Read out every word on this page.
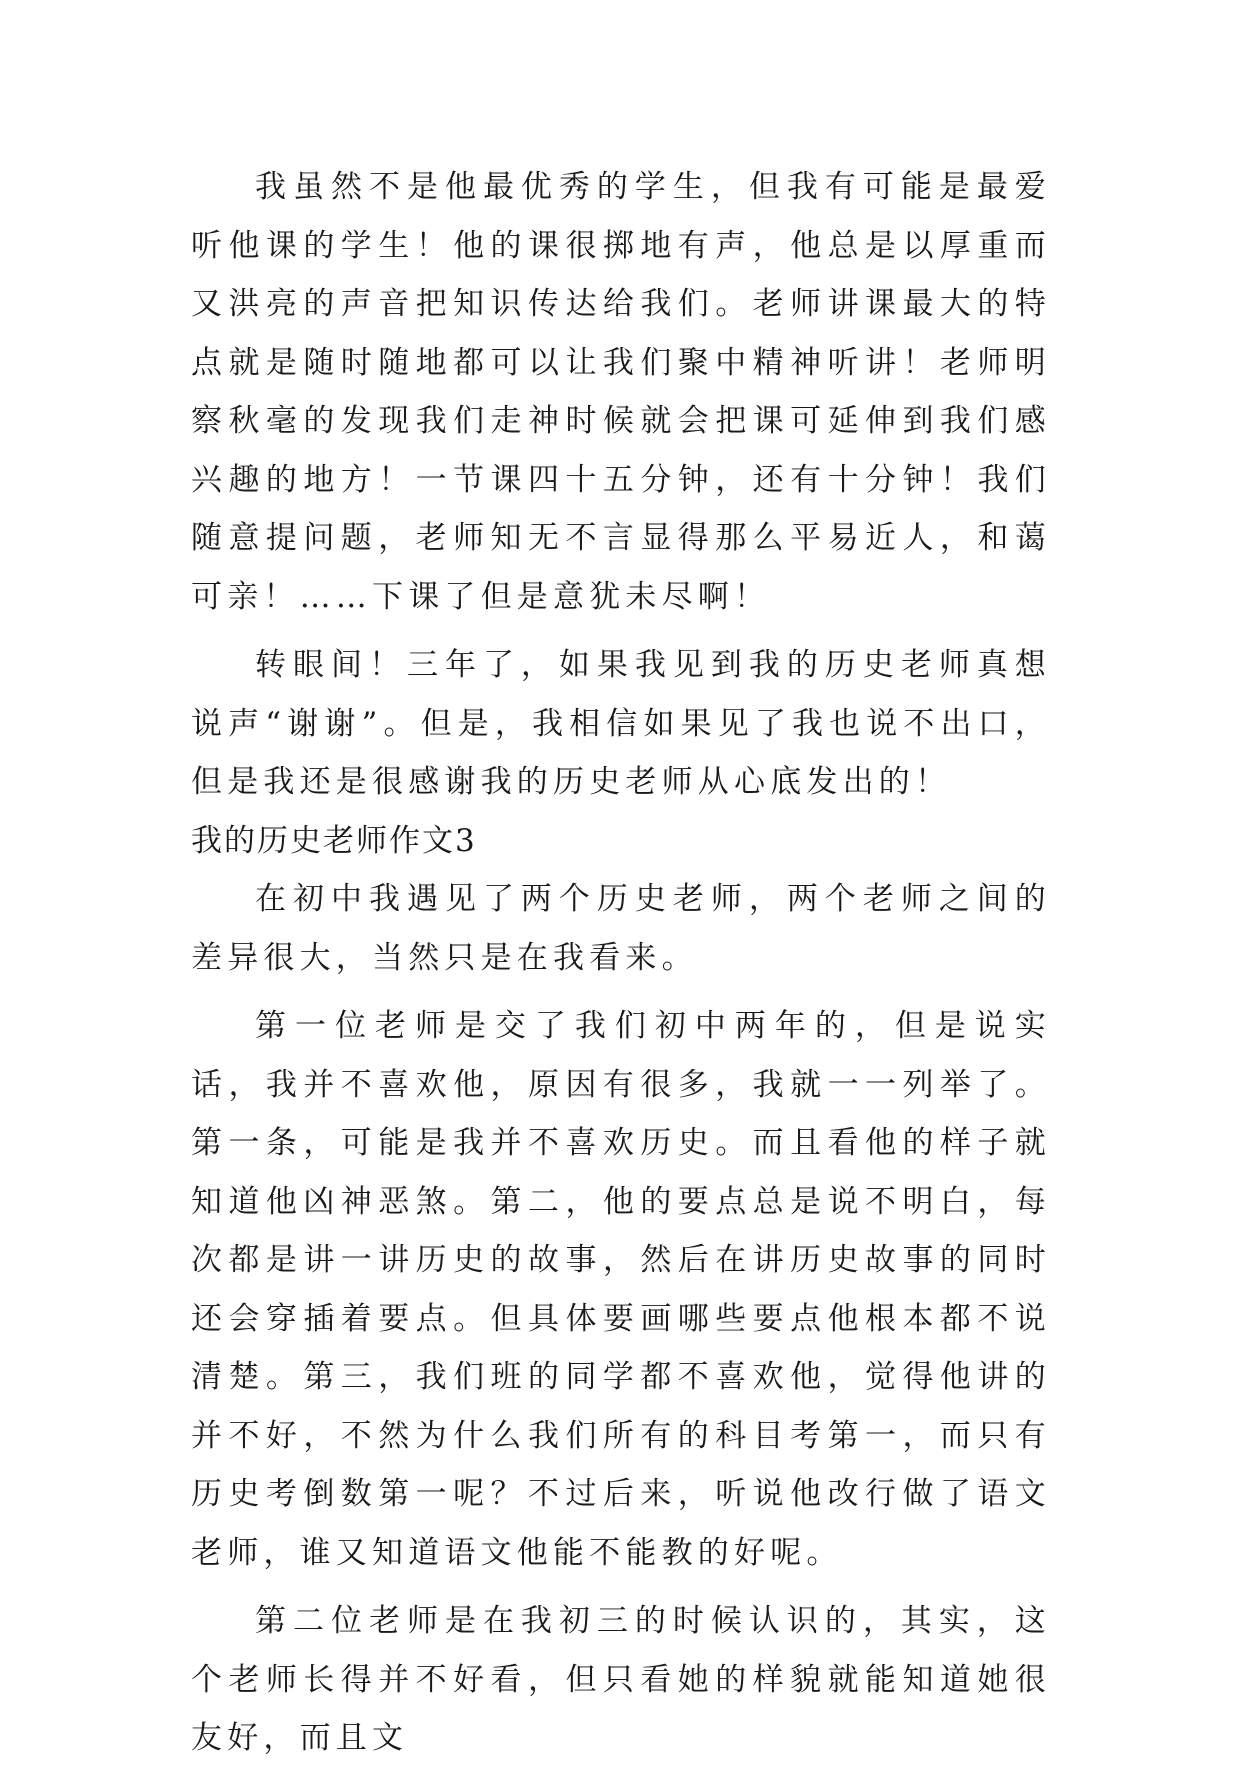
我虽然不是他最优秀的学生，但我有可能是最爱听他课的学生！他的课很掷地有声，他总是以厚重而又洪亮的声音把知识传达给我们。老师讲课最大的特点就是随时随地都可以让我们聚中精神听讲！老师明察秋毫的发现我们走神时候就会把课可延伸到我们感兴趣的地方！一节课四十五分钟，还有十分钟！我们随意提问题，老师知无不言显得那么平易近人，和蔼可亲！……下课了但是意犹未尽啊！

转眼间！三年了，如果我见到我的历史老师真想说声“谢谢”。但是，我相信如果见了我也说不出口，但是我还是很感谢我的历史老师从心底发出的！

我的历史老师作文3

在初中我遇见了两个历史老师，两个老师之间的差异很大，当然只是在我看来。

第一位老师是交了我们初中两年的，但是说实话，我并不喜欢他，原因有很多，我就一一列举了。第一条，可能是我并不喜欢历史。而且看他的样子就知道他凶神恶煞。第二，他的要点总是说不明白，每次都是讲一讲历史的故事，然后在讲历史故事的同时还会穿插着要点。但具体要画哪些要点他根本都不说清楚。第三，我们班的同学都不喜欢他，觉得他讲的并不好，不然为什么我们所有的科目考第一，而只有历史考倒数第一呢？不过后来，听说他改行做了语文老师，谁又知道语文他能不能教的好呢。

第二位老师是在我初三的时候认识的，其实，这个老师长得并不好看，但只看她的样貌就能知道她很友好，而且文
